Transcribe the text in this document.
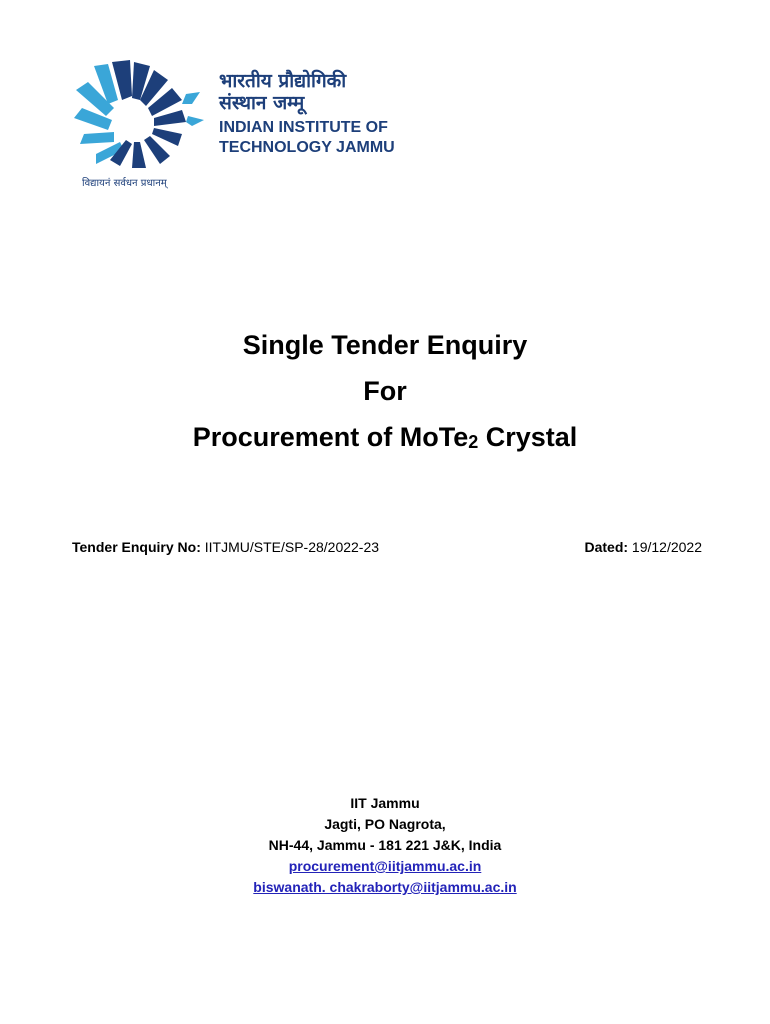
भारतीय प्रौद्योगिकी
संस्थान जम्मू
INDIAN INSTITUTE OF
TECHNOLOGY JAMMU
विद्यायनं सर्वधन प्रधानम्
Single Tender Enquiry
For
Procurement of MoTe$_2$ Crystal
Tender Enquiry No: IITJMU/STE/SP-28/2022-23	Dated: 19/12/2022
IIT Jammu
Jagti, PO Nagrota,
NH-44, Jammu - 181 221 J&K, India
procurement@iitjammu.ac.in
biswanath. chakraborty@iitjammu.ac.in
